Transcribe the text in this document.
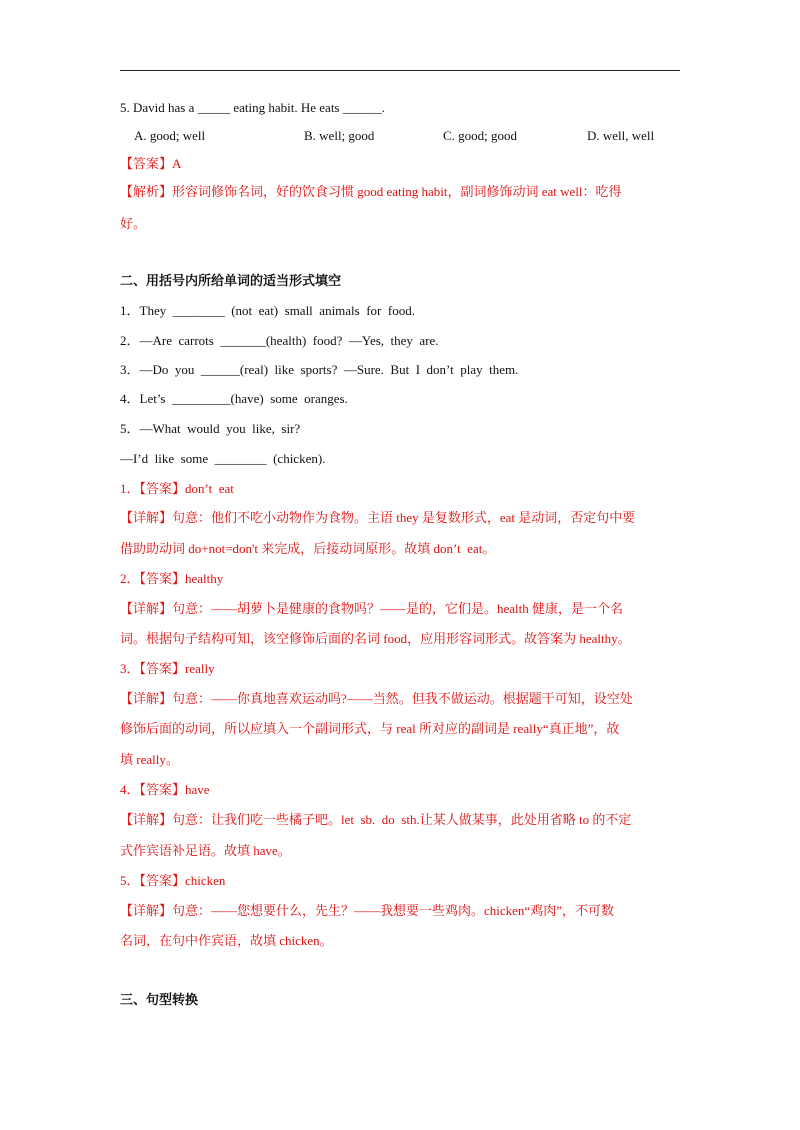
5. David has a _____ eating habit. He eats ______.
A. good; well	B. well; good	C. good; good	D. well, well
【答案】A
【解析】形容词修饰名词，好的饮食习惯 good eating habit，副词修饰动词 eat well：吃得
好。
二、用括号内所给单词的适当形式填空
1．They  ________  (not  eat)  small  animals  for  food.
2．—Are  carrots  _______(health)  food?  —Yes,  they  are.
3．—Do  you  ______(real)  like  sports?  —Sure.  But  I  don’t  play  them.
4．Let’s  _________(have)  some  oranges.
5．—What  would  you  like,  sir?
—I’d  like  some  ________  (chicken).
1．【答案】don’t  eat
【详解】句意：他们不吃小动物作为食物。主语 they 是复数形式，eat 是动词，否定句中要
借助助动词 do+not=don't 来完成，后接动词原形。故填 don’t  eat。
2．【答案】healthy
【详解】句意：——胡萝卜是健康的食物吗？——是的，它们是。health 健康，是一个名
词。根据句子结构可知，该空修饰后面的名词 food，应用形容词形式。故答案为 healthy。
3．【答案】really
【详解】句意：——你真地喜欢运动吗?——当然。但我不做运动。根据题干可知，设空处
修饰后面的动词，所以应填入一个副词形式，与 real 所对应的副词是 really“真正地”，故
填 really。
4．【答案】have
【详解】句意：让我们吃一些橘子吧。let  sb.  do  sth.让某人做某事，此处用省略 to 的不定
式作宾语补足语。故填 have。
5．【答案】chicken
【详解】句意：——您想要什么，先生？——我想要一些鸡肉。chicken“鸡肉”，不可数
名词，在句中作宾语，故填 chicken。
三、句型转换
